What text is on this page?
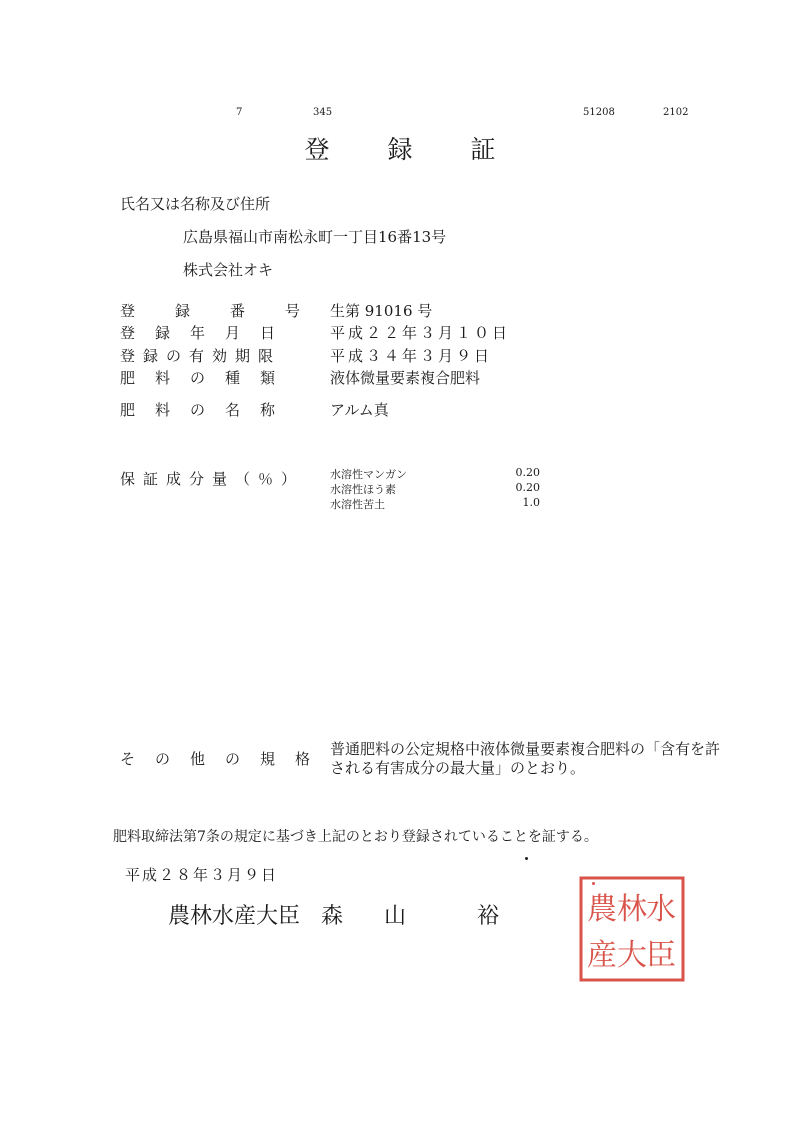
7	345	51208	2102
登録証
氏名又は名称及び住所
広島県福山市南松永町一丁目16番13号
株式会社オキ
登録番号
生第 91016 号
登録年月日 平成２２年３月１０日
登録の有効期限	平成３４年３月９日
肥料の種類 液体微量要素複合肥料
肥料の名称 アルム真
保証成分量（％） 水溶性マンガン	0.20
水溶性ほう素	0.20
水溶性苦土	1.0
その他の規格
普通肥料の公定規格中液体微量要素複合肥料の「含有を許される有害成分の最大量」のとおり。
肥料取締法第7条の規定に基づき上記のとおり登録されていることを証する。
平成２８年３月９日
農林水産大臣 森 山	裕	水
臣
林
大
農
産
